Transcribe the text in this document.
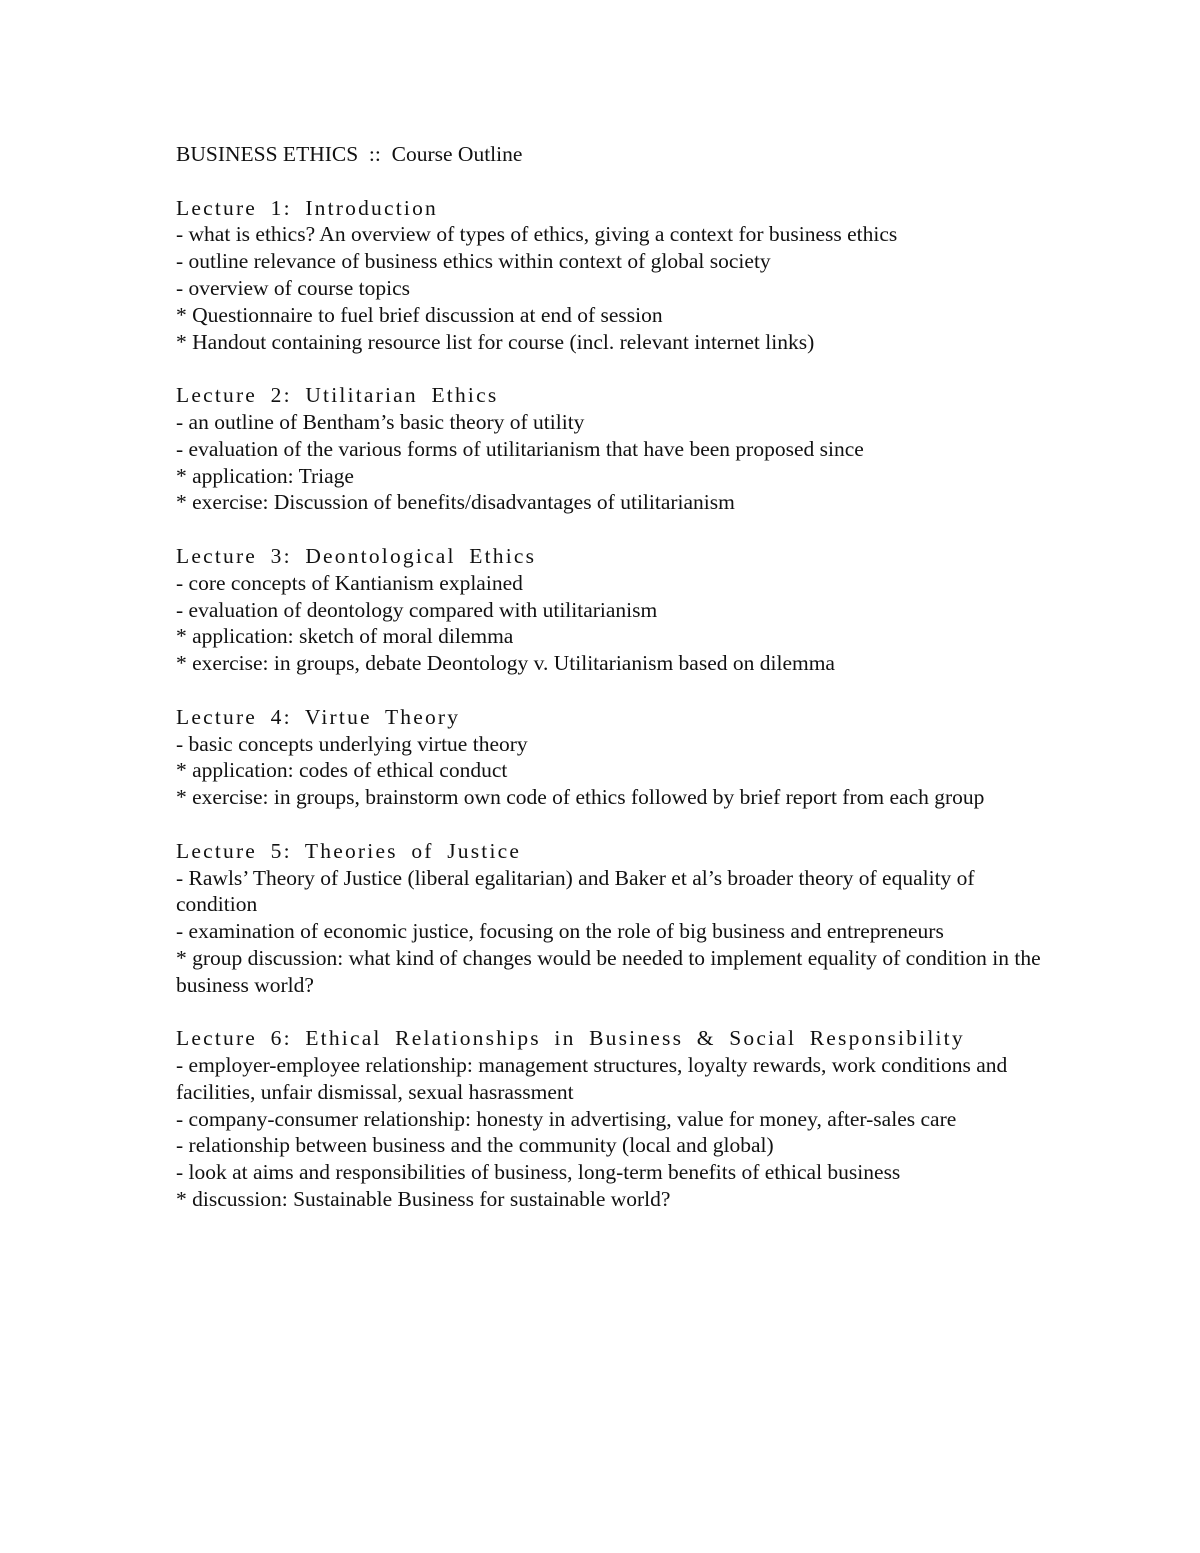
BUSINESS ETHICS  ::  Course Outline
Lecture 1: Introduction
- what is ethics? An overview of types of ethics, giving a context for business ethics
- outline relevance of business ethics within context of global society
- overview of course topics
* Questionnaire to fuel brief discussion at end of session
* Handout containing resource list for course (incl. relevant internet links)
Lecture 2: Utilitarian Ethics
- an outline of Bentham’s basic theory of utility
- evaluation of the various forms of utilitarianism that have been proposed since
* application: Triage
* exercise: Discussion of benefits/disadvantages of utilitarianism
Lecture 3: Deontological Ethics
- core concepts of Kantianism explained
- evaluation of deontology compared with utilitarianism
* application: sketch of moral dilemma
* exercise: in groups, debate Deontology v. Utilitarianism based on dilemma
Lecture 4: Virtue Theory
- basic concepts underlying virtue theory
* application: codes of ethical conduct
* exercise: in groups, brainstorm own code of ethics followed by brief report from each group
Lecture 5: Theories of Justice
- Rawls’ Theory of Justice (liberal egalitarian) and Baker et al’s broader theory of equality of condition
- examination of economic justice, focusing on the role of big business and entrepreneurs
* group discussion: what kind of changes would be needed to implement equality of condition in the business world?
Lecture 6: Ethical Relationships in Business & Social Responsibility
- employer-employee relationship: management structures, loyalty rewards, work conditions and facilities, unfair dismissal, sexual hasrassment
- company-consumer relationship: honesty in advertising, value for money, after-sales care
- relationship between business and the community (local and global)
- look at aims and responsibilities of business, long-term benefits of ethical business
* discussion: Sustainable Business for sustainable world?
